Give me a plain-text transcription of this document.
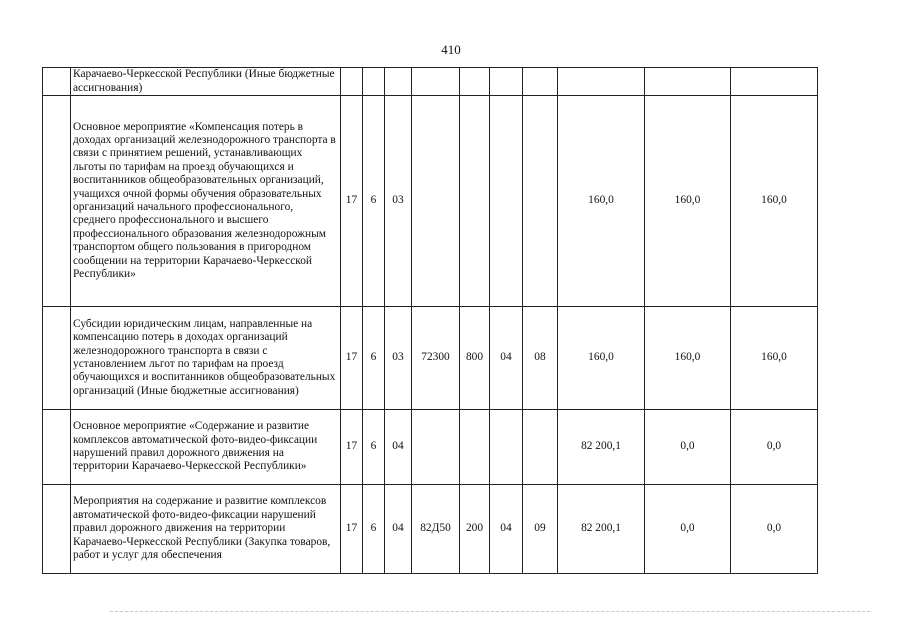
410
	Карачаево-Черкесской Республики (Иные бюджетные ассигнования)										
	Основное мероприятие «Компенсация потерь в доходах организаций железнодорожного транспорта в связи с принятием решений, устанавливающих льготы по тарифам на проезд обучающихся и воспитанников общеобразовательных организаций, учащихся очной формы обучения образовательных организаций начального профессионального, среднего профессионального и высшего профессионального образования железнодорожным транспортом общего пользования в пригородном сообщении на территории Карачаево-Черкесской Республики»	17	6	03					160,0	160,0	160,0
	Субсидии юридическим лицам, направленные на компенсацию потерь в доходах организаций железнодорожного транспорта в связи с установлением льгот по тарифам на проезд обучающихся и воспитанников общеобразовательных организаций (Иные бюджетные ассигнования)	17	6	03	72300	800	04	08	160,0	160,0	160,0
	Основное мероприятие «Содержание и развитие комплексов автоматической фото-видео-фиксации нарушений правил дорожного движения на территории Карачаево-Черкесской Республики»	17	6	04					82 200,1	0,0	0,0
	Мероприятия на содержание и развитие комплексов автоматической фото-видео-фиксации нарушений правил дорожного движения на территории Карачаево-Черкесской Республики (Закупка товаров, работ и услуг для обеспечения	17	6	04	82Д50	200	04	09	82 200,1	0,0	0,0
